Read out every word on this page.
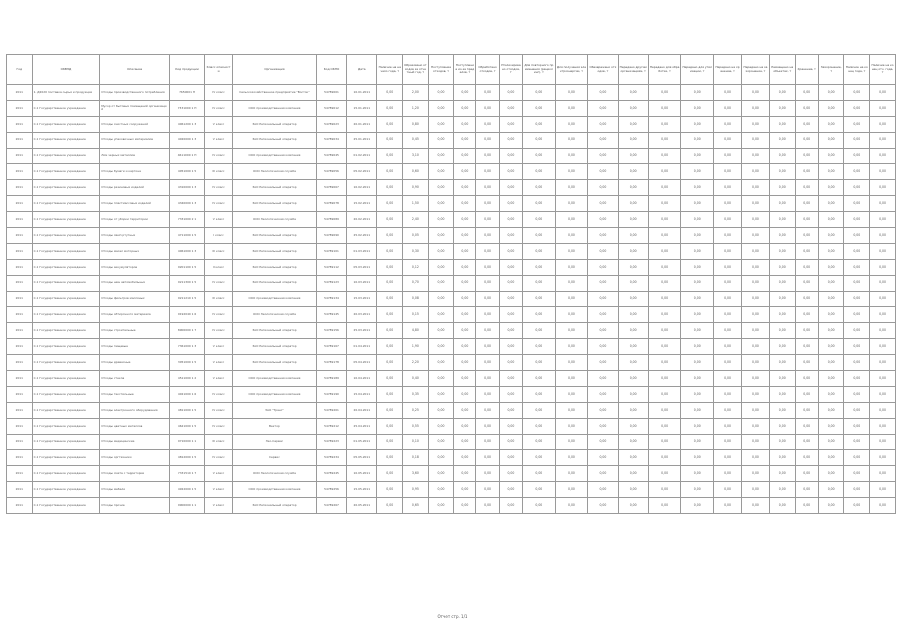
Год	ОКВЭД	Описание	Код продукции	Класс опасности	Организация	Код ОКПО	Дата	Наличие на начало года, т	Образовано отходов за отчетный год, т	Поступление отходов, т	Поступление из-за пределов, т	Обработано отходов, т	Утилизировано отходов, т	Для повторного применения (рециклинг), т	Для получения электроэнергии, т	Обезврежено отходов, т	Передано другим организациям, т	Передано для обработки, т	Передано для утилизации, т	Передано на хранение, т	Передано на захоронение, т	Размещено на объектах, т	Хранение, т	Захоронение, т	Наличие на конец года, т	Наличие на конец отч. года, т
2011	1. Д2020 поставка сырья и продукции	Отходы производственного потребления	7650001 П	IV класс	Сельскохозяйственное предприятие "Восток"	54789001	10.01.2011	0,00	2,00	0,00	0,00	0,00	0,00	0,00	0,00	0,00	0,00	0,00	0,00	0,00	0,00	0,00	0,00	0,00	0,00	0,00
2011	С.1 Государственное учреждение	Мусор от бытовых помещений организаций	7331000 1 П	IV класс	ООО производственная компания	54789012	15.01.2011	0,00	1,20	0,00	0,00	0,00	0,00	0,00	0,00	0,00	0,00	0,00	0,00	0,00	0,00	0,00	0,00	0,00	0,00	0,00
2011	С.1 Государственное учреждение	Отходы очистных сооружений	4061200 1 3	V класс	ЗАО Региональный оператор	54789023	20.01.2011	0,00	0,80	0,00	0,00	0,00	0,00	0,00	0,00	0,00	0,00	0,00	0,00	0,00	0,00	0,00	0,00	0,00	0,00	0,00
2011	С.1 Государственное учреждение	Отходы упаковочных материалов	4020000 1 3	V класс	ЗАО Региональный оператор	54789034	25.01.2011	0,00	0,45	0,00	0,00	0,00	0,00	0,00	0,00	0,00	0,00	0,00	0,00	0,00	0,00	0,00	0,00	0,00	0,00	0,00
2011	С.1 Государственное учреждение	Лом черных металлов	4611000 1 П	IV класс	ООО производственная компания	54789045	01.02.2011	0,00	3,10	0,00	0,00	0,00	0,00	0,00	0,00	0,00	0,00	0,00	0,00	0,00	0,00	0,00	0,00	0,00	0,00	0,00
2011	С.1 Государственное учреждение	Отходы бумаги и картона	4051000 1 5	III класс	ООО Экологическая служба	54789056	05.02.2011	0,00	0,60	0,00	0,00	0,00	0,00	0,00	0,00	0,00	0,00	0,00	0,00	0,00	0,00	0,00	0,00	0,00	0,00	0,00
2011	С.1 Государственное учреждение	Отходы резиновых изделий	4310000 1 3	IV класс	ЗАО Региональный оператор	54789067	10.02.2011	0,00	0,90	0,00	0,00	0,00	0,00	0,00	0,00	0,00	0,00	0,00	0,00	0,00	0,00	0,00	0,00	0,00	0,00	0,00
2011	С.1 Государственное учреждение	Отходы пластмассовых изделий	4340000 1 3	IV класс	ЗАО Региональный оператор	54789078	15.02.2011	0,00	1,50	0,00	0,00	0,00	0,00	0,00	0,00	0,00	0,00	0,00	0,00	0,00	0,00	0,00	0,00	0,00	0,00	0,00
2011	С.1 Государственное учреждение	Отходы от уборки территории	7331000 2 1	V класс	ООО Экологическая служба	54789089	20.02.2011	0,00	2,40	0,00	0,00	0,00	0,00	0,00	0,00	0,00	0,00	0,00	0,00	0,00	0,00	0,00	0,00	0,00	0,00	0,00
2011	С.1 Государственное учреждение	Отходы ламп ртутных	4711000 1 5	I класс	ЗАО Региональный оператор	54789090	25.02.2011	0,00	0,05	0,00	0,00	0,00	0,00	0,00	0,00	0,00	0,00	0,00	0,00	0,00	0,00	0,00	0,00	0,00	0,00	0,00
2011	С.1 Государственное учреждение	Отходы масел моторных	4061000 1 3	III класс	ЗАО Региональный оператор	54789101	01.03.2011	0,00	0,30	0,00	0,00	0,00	0,00	0,00	0,00	0,00	0,00	0,00	0,00	0,00	0,00	0,00	0,00	0,00	0,00	0,00
2011	С.1 Государственное учреждение	Отходы аккумуляторов	9201100 1 5	II класс	ЗАО Региональный оператор	54789112	05.03.2011	0,00	0,12	0,00	0,00	0,00	0,00	0,00	0,00	0,00	0,00	0,00	0,00	0,00	0,00	0,00	0,00	0,00	0,00	0,00
2011	С.1 Государственное учреждение	Отходы шин автомобильных	9211300 1 5	IV класс	ЗАО Региональный оператор	54789123	10.03.2011	0,00	0,70	0,00	0,00	0,00	0,00	0,00	0,00	0,00	0,00	0,00	0,00	0,00	0,00	0,00	0,00	0,00	0,00	0,00
2011	С.1 Государственное учреждение	Отходы фильтров масляных	9211210 1 5	III класс	ООО производственная компания	54789134	15.03.2011	0,00	0,08	0,00	0,00	0,00	0,00	0,00	0,00	0,00	0,00	0,00	0,00	0,00	0,00	0,00	0,00	0,00	0,00	0,00
2011	С.1 Государственное учреждение	Отходы обтирочного материала	9192040 1 6	IV класс	ООО Экологическая служба	54789145	20.03.2011	0,00	0,15	0,00	0,00	0,00	0,00	0,00	0,00	0,00	0,00	0,00	0,00	0,00	0,00	0,00	0,00	0,00	0,00	0,00
2011	С.1 Государственное учреждение	Отходы строительные	8900000 1 7	IV класс	ЗАО Региональный оператор	54789156	25.03.2011	0,00	4,80	0,00	0,00	0,00	0,00	0,00	0,00	0,00	0,00	0,00	0,00	0,00	0,00	0,00	0,00	0,00	0,00	0,00
2011	С.1 Государственное учреждение	Отходы пищевые	7361000 1 3	V класс	ЗАО Региональный оператор	54789167	01.04.2011	0,00	1,90	0,00	0,00	0,00	0,00	0,00	0,00	0,00	0,00	0,00	0,00	0,00	0,00	0,00	0,00	0,00	0,00	0,00
2011	С.1 Государственное учреждение	Отходы древесные	3051000 1 5	V класс	ЗАО Региональный оператор	54789178	05.04.2011	0,00	2,20	0,00	0,00	0,00	0,00	0,00	0,00	0,00	0,00	0,00	0,00	0,00	0,00	0,00	0,00	0,00	0,00	0,00
2011	С.1 Государственное учреждение	Отходы стекла	4511000 1 2	V класс	ООО производственная компания	54789189	10.04.2011	0,00	0,40	0,00	0,00	0,00	0,00	0,00	0,00	0,00	0,00	0,00	0,00	0,00	0,00	0,00	0,00	0,00	0,00	0,00
2011	С.1 Государственное учреждение	Отходы текстильные	4021000 1 6	IV класс	ООО производственная компания	54789190	15.04.2011	0,00	0,35	0,00	0,00	0,00	0,00	0,00	0,00	0,00	0,00	0,00	0,00	0,00	0,00	0,00	0,00	0,00	0,00	0,00
2011	С.1 Государственное учреждение	Отходы электронного оборудования	4811000 1 5	IV класс	ЗАО "Транс"	54789201	20.04.2011	0,00	0,25	0,00	0,00	0,00	0,00	0,00	0,00	0,00	0,00	0,00	0,00	0,00	0,00	0,00	0,00	0,00	0,00	0,00
2011	С.1 Государственное учреждение	Отходы цветных металлов	4621000 1 5	IV класс	Вектор	54789212	25.04.2011	0,00	0,55	0,00	0,00	0,00	0,00	0,00	0,00	0,00	0,00	0,00	0,00	0,00	0,00	0,00	0,00	0,00	0,00	0,00
2011	С.1 Государственное учреждение	Отходы медицинские	9710000 1 1	III класс	Эко-Сервис	54789223	01.05.2011	0,00	0,10	0,00	0,00	0,00	0,00	0,00	0,00	0,00	0,00	0,00	0,00	0,00	0,00	0,00	0,00	0,00	0,00	0,00
2011	С.1 Государственное учреждение	Отходы оргтехники	4812000 1 5	IV класс	Сервис	54789234	05.05.2011	0,00	0,18	0,00	0,00	0,00	0,00	0,00	0,00	0,00	0,00	0,00	0,00	0,00	0,00	0,00	0,00	0,00	0,00	0,00
2011	С.1 Государственное учреждение	Отходы смета с территории	7331510 1 7	V класс	ООО Экологическая служба	54789245	10.05.2011	0,00	3,60	0,00	0,00	0,00	0,00	0,00	0,00	0,00	0,00	0,00	0,00	0,00	0,00	0,00	0,00	0,00	0,00	0,00
2011	С.1 Государственное учреждение	Отходы мебели	4922000 1 5	V класс	ООО производственная компания	54789256	15.05.2011	0,00	0,95	0,00	0,00	0,00	0,00	0,00	0,00	0,00	0,00	0,00	0,00	0,00	0,00	0,00	0,00	0,00	0,00	0,00
2011	С.1 Государственное учреждение	Отходы прочие	9900000 1 1	V класс	ЗАО Региональный оператор	54789267	20.05.2011	0,00	0,65	0,00	0,00	0,00	0,00	0,00	0,00	0,00	0,00	0,00	0,00	0,00	0,00	0,00	0,00	0,00	0,00	0,00
Отчет стр. 1/1
